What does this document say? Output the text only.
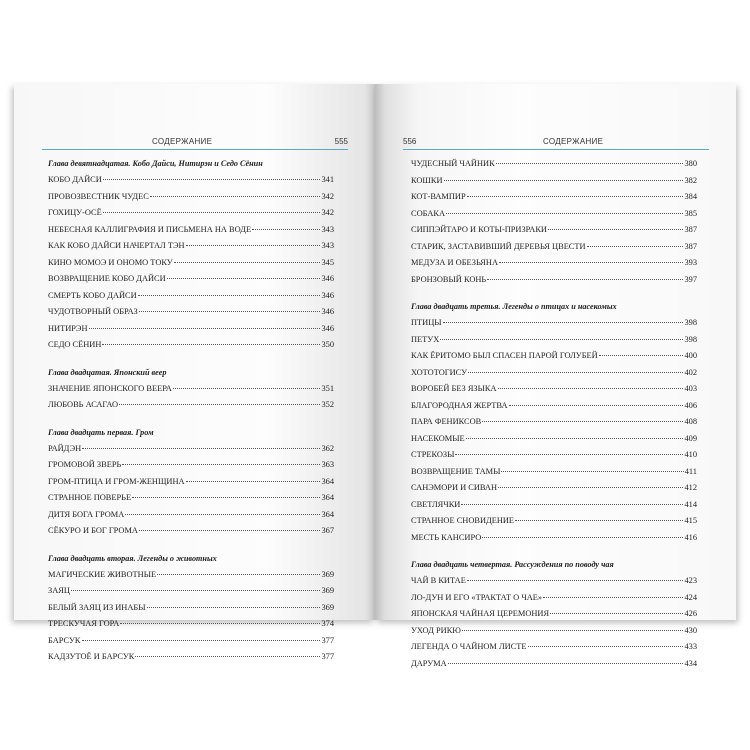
СОДЕРЖАНИЕ	555
Глава девятнадцатая. Кобо Дайси, Нитирэн и Седо Сёнин
КОБО ДАЙСИ	341
ПРОВОЗВЕСТНИК ЧУДЕС	342
ГОХИЦУ-ОСЁ	342
НЕБЕСНАЯ КАЛЛИГРАФИЯ И ПИСЬМЕНА НА ВОДЕ	343
КАК КОБО ДАЙСИ НАЧЕРТАЛ ТЭН	343
КИНО МОМОЭ И ОНОМО ТОКУ	345
ВОЗВРАЩЕНИЕ КОБО ДАЙСИ	346
СМЕРТЬ КОБО ДАЙСИ	346
ЧУДОТВОРНЫЙ ОБРАЗ	346
НИТИРЭН	346
СЕДО СЁНИН	350
Глава двадцатая. Японский веер
ЗНАЧЕНИЕ ЯПОНСКОГО ВЕЕРА	351
ЛЮБОВЬ АСАГАО	352
Глава двадцать первая. Гром
РАЙДЭН	362
ГРОМОВОЙ ЗВЕРЬ	363
ГРОМ-ПТИЦА И ГРОМ-ЖЕНЩИНА	364
СТРАННОЕ ПОВЕРЬЕ	364
ДИТЯ БОГА ГРОМА	364
СЁКУРО И БОГ ГРОМА	367
Глава двадцать вторая. Легенды о животных
МАГИЧЕСКИЕ ЖИВОТНЫЕ	369
ЗАЯЦ	369
БЕЛЫЙ ЗАЯЦ ИЗ ИНАБЫ	369
ТРЕСКУЧАЯ ГОРА	374
БАРСУК	377
КАДЗУТОЁ И БАРСУК	377
556	СОДЕРЖАНИЕ
ЧУДЕСНЫЙ ЧАЙНИК	380
КОШКИ	382
КОТ-ВАМПИР	384
СОБАКА	385
СИППЭЙТАРО И КОТЫ-ПРИЗРАКИ	387
СТАРИК, ЗАСТАВИВШИЙ ДЕРЕВЬЯ ЦВЕСТИ	387
МЕДУЗА И ОБЕЗЬЯНА	393
БРОНЗОВЫЙ КОНЬ	397
Глава двадцать третья. Легенды о птицах и насекомых
ПТИЦЫ	398
ПЕТУХ	398
КАК ЁРИТОМО БЫЛ СПАСЕН ПАРОЙ ГОЛУБЕЙ	400
ХОТОТОГИСУ	402
ВОРОБЕЙ БЕЗ ЯЗЫКА	403
БЛАГОРОДНАЯ ЖЕРТВА	406
ПАРА ФЕНИКСОВ	408
НАСЕКОМЫЕ	409
СТРЕКОЗЫ	410
ВОЗВРАЩЕНИЕ ТАМЫ	411
САНЭМОРИ И СИВАН	412
СВЕТЛЯЧКИ	414
СТРАННОЕ СНОВИДЕНИЕ	415
МЕСТЬ КАНСИРО	416
Глава двадцать четвертая. Рассуждения по поводу чая
ЧАЙ В КИТАЕ	423
ЛО-ДУН И ЕГО «ТРАКТАТ О ЧАЕ»	424
ЯПОНСКАЯ ЧАЙНАЯ ЦЕРЕМОНИЯ	426
УХОД РИКЮ	430
ЛЕГЕНДА О ЧАЙНОМ ЛИСТЕ	433
ДАРУМА	434
